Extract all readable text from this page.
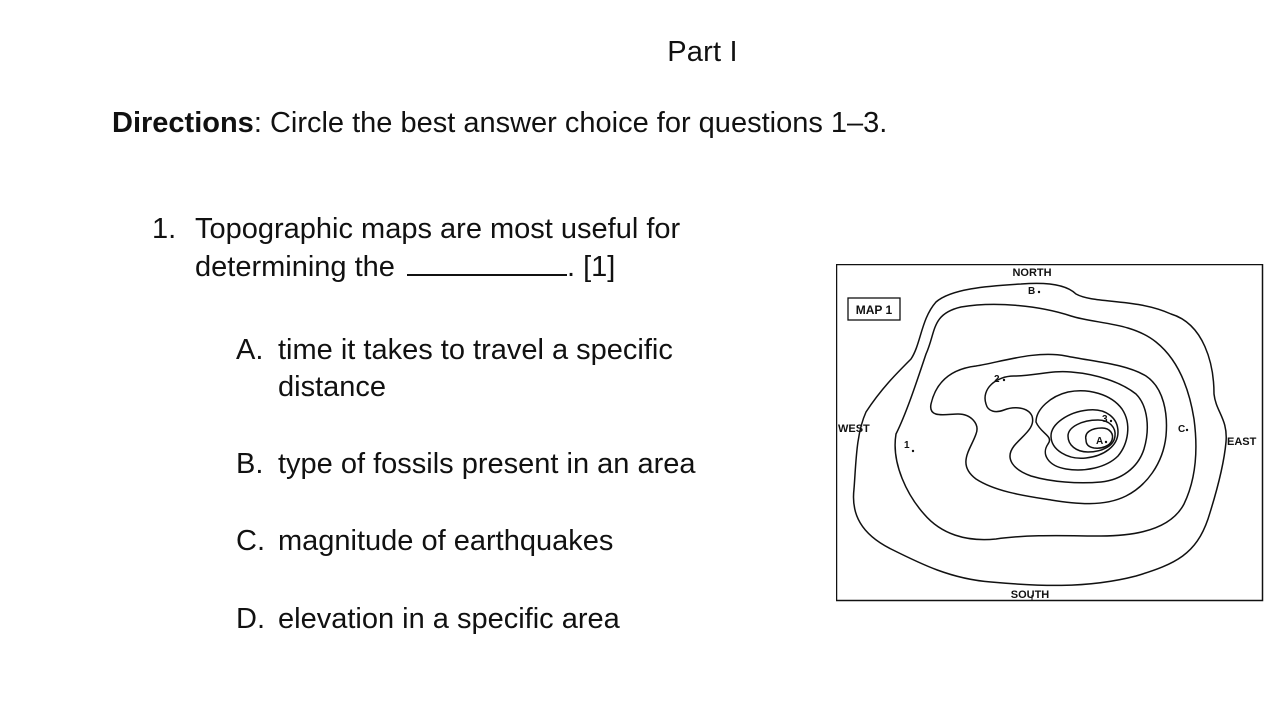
Part I
Directions: Circle the best answer choice for questions 1–3.
1. Topographic maps are most useful for
determining the	. [1]
A. time it takes to travel a specific distance
B. type of fossils present in an area
C. magnitude of earthquakes
D. elevation in a specific area
MAP 1
NORTH
SOUTH
WEST
EAST
B
2
3
A
C
1
